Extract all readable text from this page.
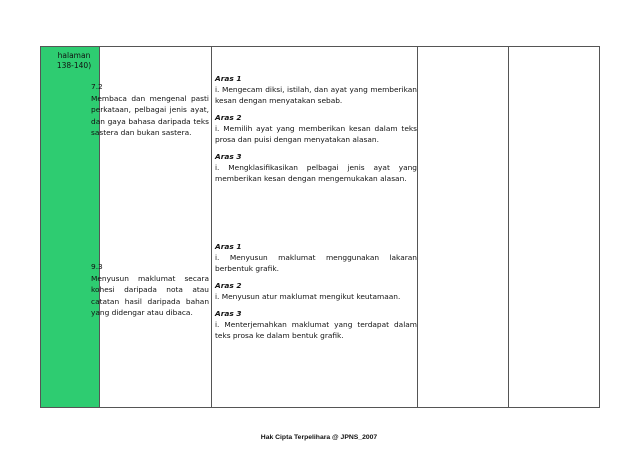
halaman 138-140)
7.2
Membaca dan mengenal pasti perkataan, pelbagai jenis ayat, dan gaya bahasa daripada teks sastera dan bukan sastera.
9.3
Menyusun maklumat secara kohesi daripada nota atau catatan hasil daripada bahan yang didengar atau dibaca.
Aras 1
i. Mengecam diksi, istilah, dan ayat yang memberikan kesan dengan menyatakan sebab.
Aras 2
i. Memilih ayat yang memberikan kesan dalam teks prosa dan puisi dengan menyatakan alasan.
Aras 3
i. Mengklasifikasikan pelbagai jenis ayat yang memberikan kesan dengan mengemukakan alasan.
Aras 1
i. Menyusun maklumat menggunakan lakaran berbentuk grafik.
Aras 2
i. Menyusun atur maklumat mengikut keutamaan.
Aras 3
i. Menterjemahkan maklumat yang terdapat dalam teks prosa ke dalam bentuk grafik.
Hak Cipta Terpelihara @ JPNS_2007
